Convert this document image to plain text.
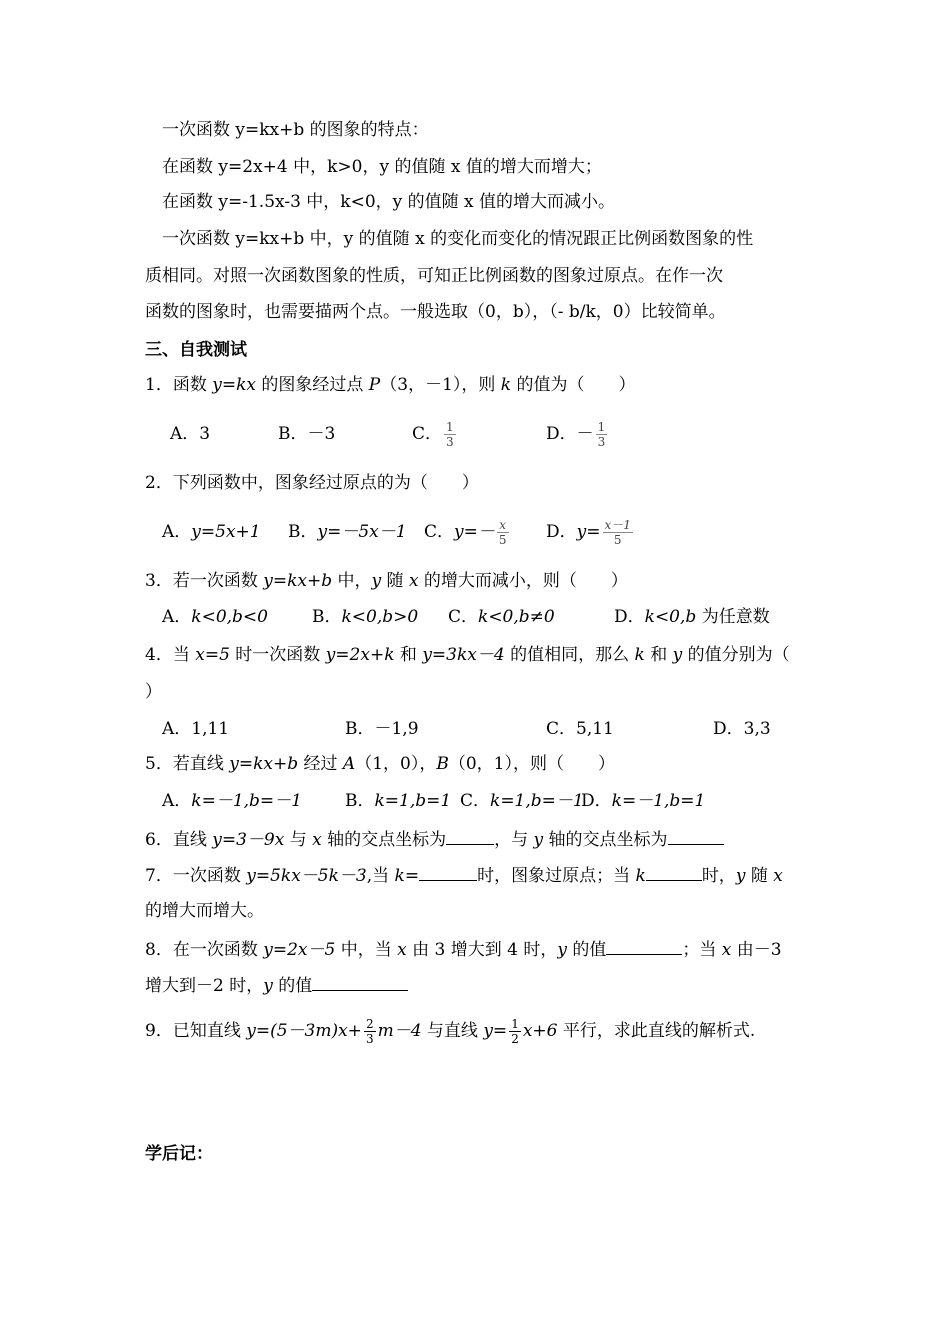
一次函数 y=kx+b 的图象的特点：
在函数 y=2x+4 中，k>0，y 的值随 x 值的增大而增大；
在函数 y=-1.5x-3 中，k<0，y 的值随 x 值的增大而减小。
一次函数 y=kx+b 中，y 的值随 x 的变化而变化的情况跟正比例函数图象的性
质相同。对照一次函数图象的性质，可知正比例函数的图象过原点。在作一次
函数的图象时，也需要描两个点。一般选取（0，b），（- b/k，0）比较简单。
三、自我测试
1．函数 y=kx 的图象经过点 P（3，－1），则 k 的值为（　　）
A．3	B．－3	C． $\frac{1}{3}$	D．－ $\frac{1}{3}$
2．下列函数中，图象经过原点的为（　　）
A．y=5x+1 B．y=－5x－1 C．$y=- \frac{x}{5}$ D．$y= \frac{x-1}{5}$
3．若一次函数 y=kx+b 中，y 随 x 的增大而减小，则（　　）
A．k<0,b<0	B．k<0,b>0 C．k<0,b≠0	D．k<0,b 为任意数
4．当 x=5 时一次函数 y=2x+k 和 y=3kx－4 的值相同，那么 k 和 y 的值分别为（
）
A．1,11	B．－1,9	C．5,11	D．3,3
5．若直线 y=kx+b 经过 A（1，0），B（0，1），则（　　）
A．k=－1,b=－1	B．k=1,b=1 C．k=1,b=－1
D．k=－1,b=1
6．直线 y=3－9x 与 x 轴的交点坐标为	，与 y 轴的交点坐标为
7．一次函数 y=5kx－5k－3,当 k=	时，图象过原点；当 k	时，y 随 x
的增大而增大。
8．在一次函数 y=2x－5 中，当 x 由 3 增大到 4 时，y 的值	；当 x 由－3
增大到－2 时，y 的值
9．已知直线 $y=(5-3m)x+ \frac{2}{3} m-4$ 与直线 $y= \frac{1}{2} x+6$ 平行，求此直线的解析式.
学后记：
